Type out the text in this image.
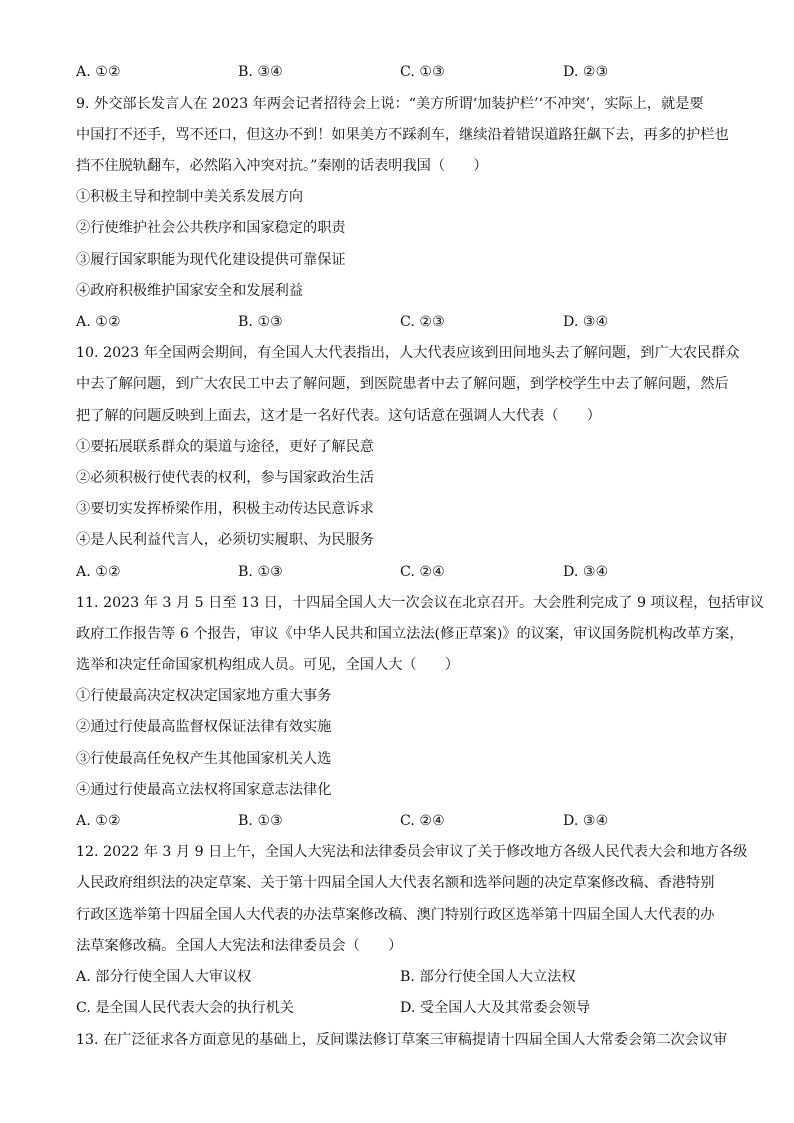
A. ①②	B. ③④	C. ①③	D. ②③
9. 外交部长发言人在 2023 年两会记者招待会上说：“美方所谓‘加装护栏’‘不冲突’，实际上，就是要
中国打不还手，骂不还口，但这办不到！如果美方不踩刹车，继续沿着错误道路狂飙下去，再多的护栏也
挡不住脱轨翻车，必然陷入冲突对抗。”秦刚的话表明我国（　　）
①积极主导和控制中美关系发展方向
②行使维护社会公共秩序和国家稳定的职责
③履行国家职能为现代化建设提供可靠保证
④政府积极维护国家安全和发展利益
A. ①②	B. ①③	C. ②③	D. ③④
10. 2023 年全国两会期间，有全国人大代表指出，人大代表应该到田间地头去了解问题，到广大农民群众
中去了解问题，到广大农民工中去了解问题，到医院患者中去了解问题，到学校学生中去了解问题，然后
把了解的问题反映到上面去，这才是一名好代表。这句话意在强调人大代表（　　）
①要拓展联系群众的渠道与途径，更好了解民意
②必须积极行使代表的权利，参与国家政治生活
③要切实发挥桥梁作用，积极主动传达民意诉求
④是人民利益代言人，必须切实履职、为民服务
A. ①②	B. ①③	C. ②④	D. ③④
11. 2023 年 3 月 5 日至 13 日，十四届全国人大一次会议在北京召开。大会胜利完成了 9 项议程，包括审议
政府工作报告等 6 个报告，审议《中华人民共和国立法法(修正草案)》的议案，审议国务院机构改革方案，
选举和决定任命国家机构组成人员。可见，全国人大（　　）
①行使最高决定权决定国家地方重大事务
②通过行使最高监督权保证法律有效实施
③行使最高任免权产生其他国家机关人选
④通过行使最高立法权将国家意志法律化
A. ①②	B. ①③	C. ②④	D. ③④
12. 2022 年 3 月 9 日上午，全国人大宪法和法律委员会审议了关于修改地方各级人民代表大会和地方各级
人民政府组织法的决定草案、关于第十四届全国人大代表名额和选举问题的决定草案修改稿、香港特别
行政区选举第十四届全国人大代表的办法草案修改稿、澳门特别行政区选举第十四届全国人大代表的办
法草案修改稿。全国人大宪法和法律委员会（　　）
A. 部分行使全国人大审议权	B. 部分行使全国人大立法权
C. 是全国人民代表大会的执行机关	D. 受全国人大及其常委会领导
13. 在广泛征求各方面意见的基础上，反间谍法修订草案三审稿提请十四届全国人大常委会第二次会议审
